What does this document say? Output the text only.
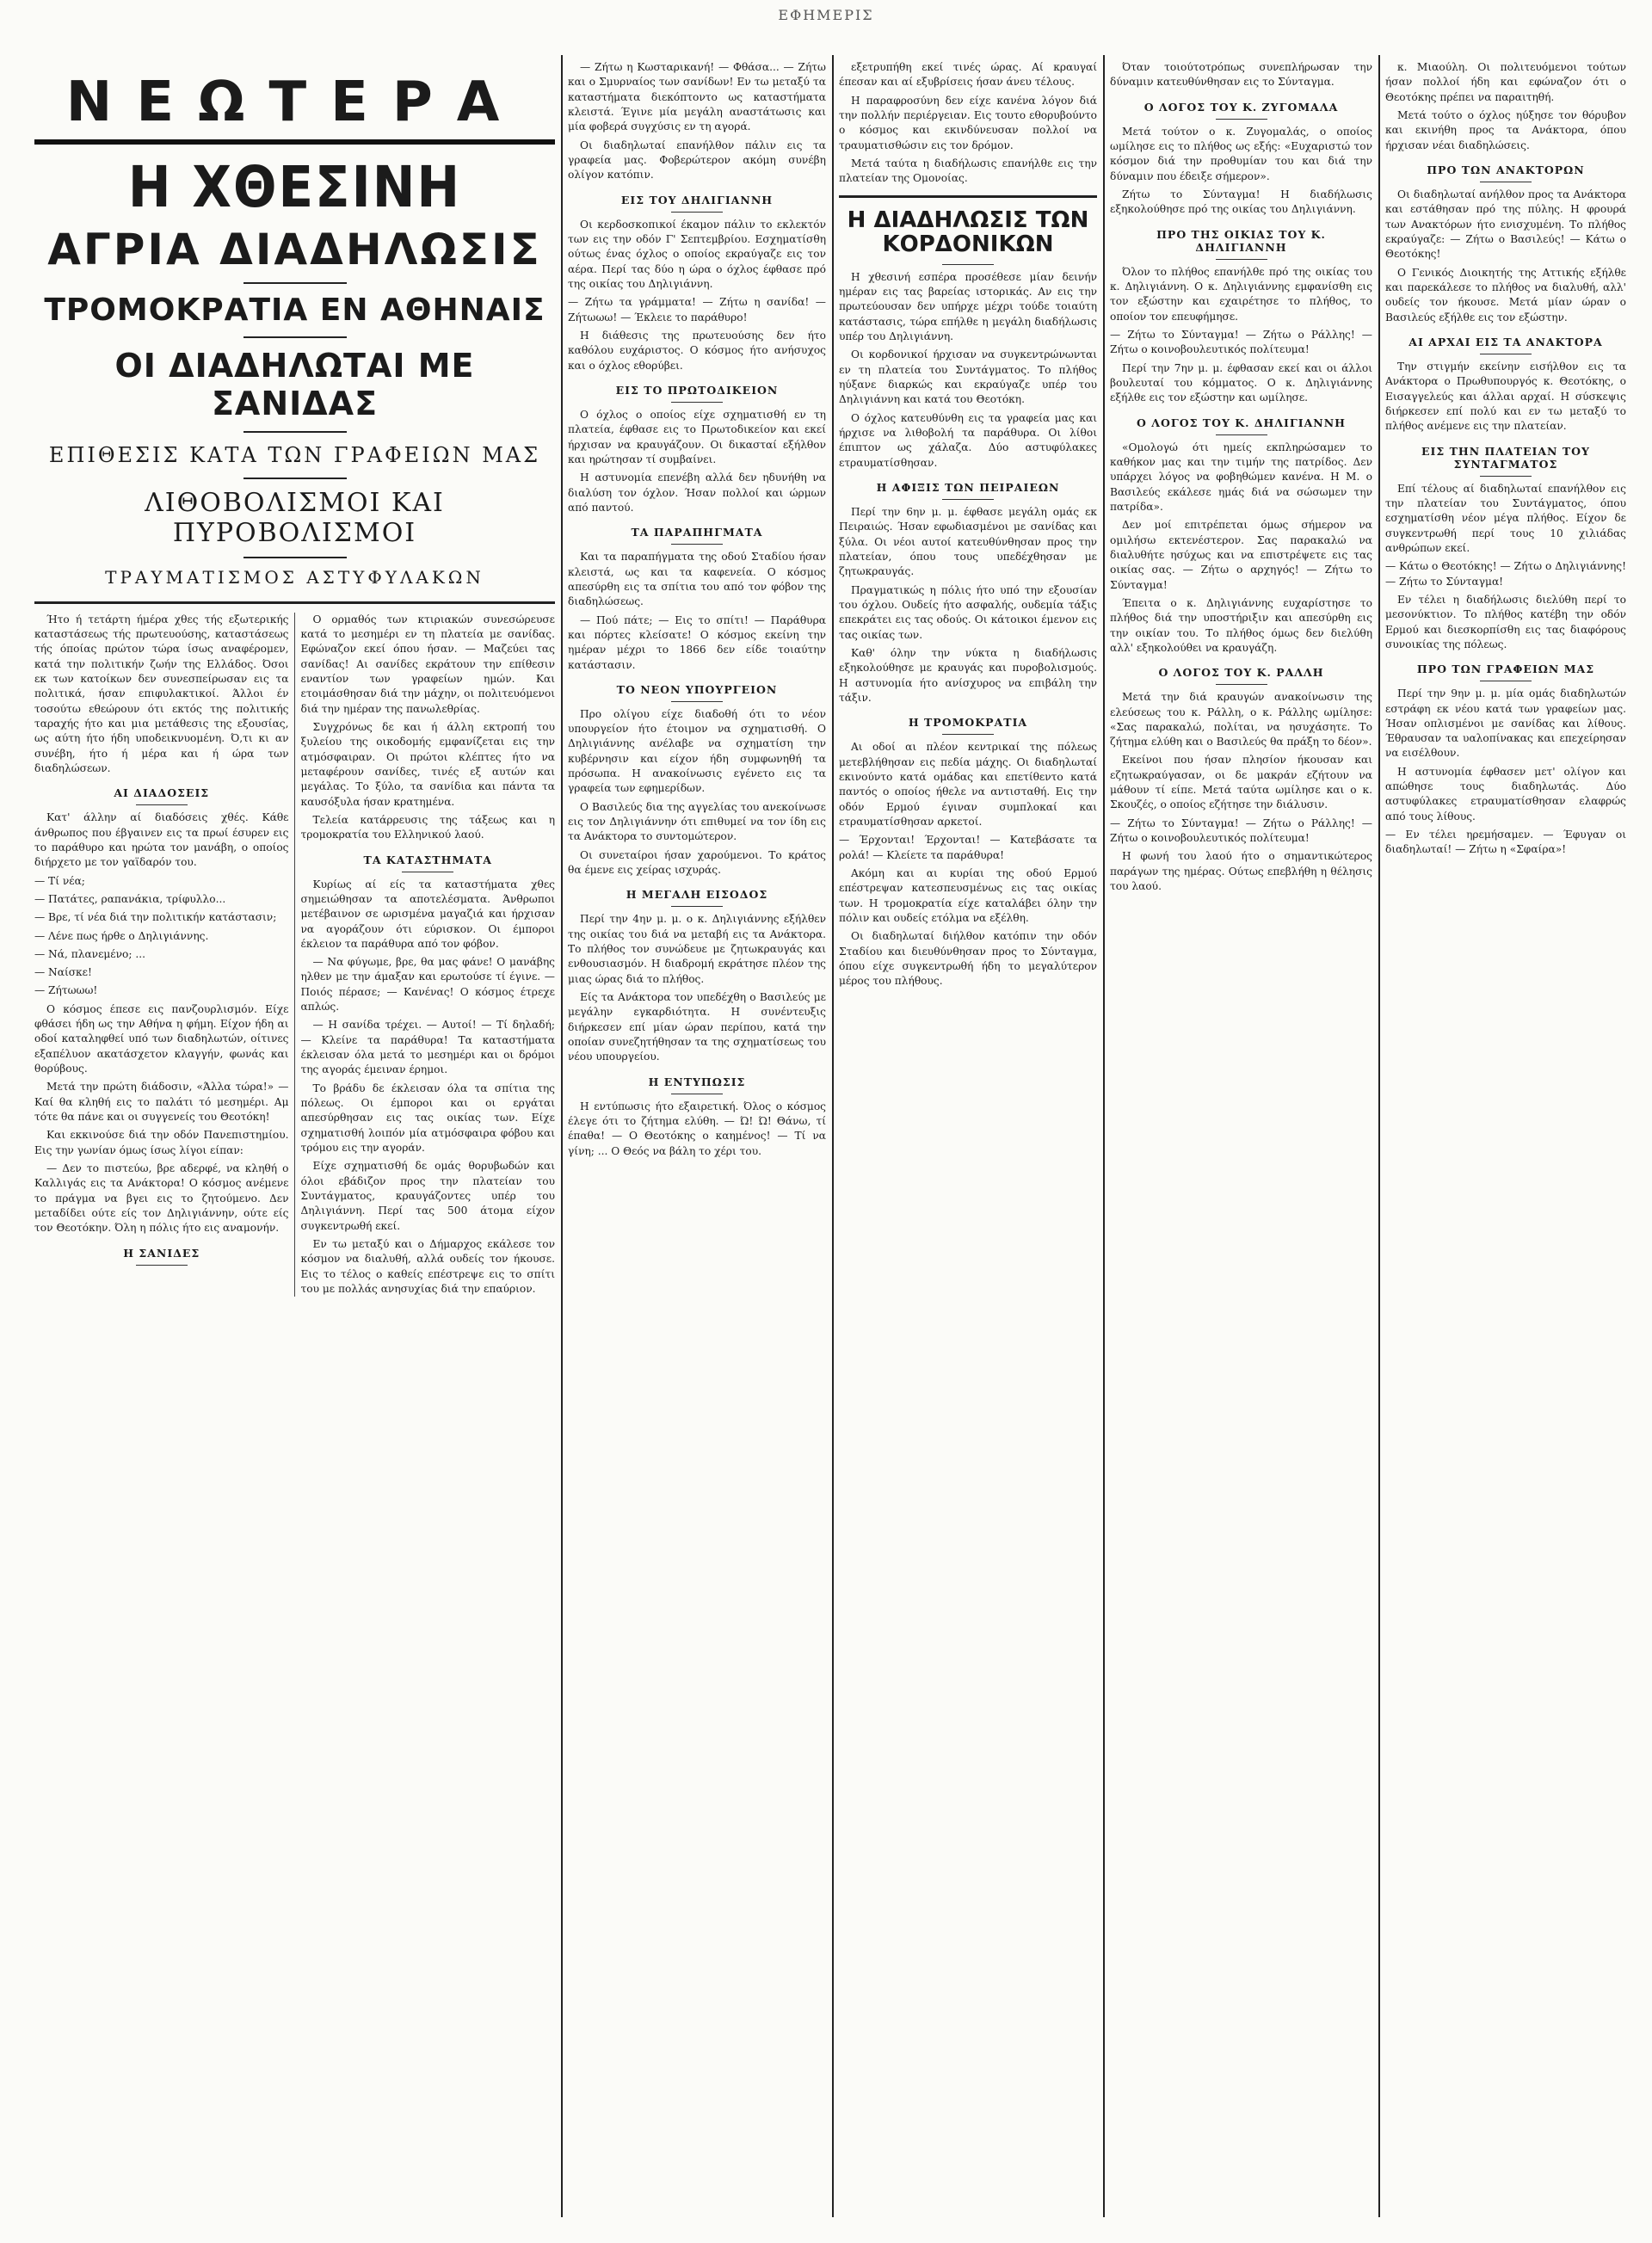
ΕΦΗΜΕΡΙΣ
ΝΕΩΤΕΡΑ
Η ΧΘΕΣΙΝΗ
ΑΓΡΙΑ ΔΙΑΔΗΛΩΣΙΣ
ΤΡΟΜΟΚΡΑΤΙΑ ΕΝ ΑΘΗΝΑΙΣ
ΟΙ ΔΙΑΔΗΛΩΤΑΙ ΜΕ ΣΑΝΙΔΑΣ
ΕΠΙΘΕΣΙΣ ΚΑΤΑ ΤΩΝ ΓΡΑΦΕΙΩΝ ΜΑΣ
ΛΙΘΟΒΟΛΙΣΜΟΙ ΚΑΙ ΠΥΡΟΒΟΛΙΣΜΟΙ
ΤΡΑΥΜΑΤΙΣΜΟΣ ΑΣΤΥΦΥΛΑΚΩΝ

Ήτο ή τετάρτη ήμέρα χθες τής εξωτερικής καταστάσεως τής πρωτευούσης, καταστάσεως τής όποίας πρώτον τώρα ίσως αναφέρομεν, κατά την πολιτικήν ζωήν της Ελλάδος. Όσοι εκ των κατοίκων δεν συνεσπείρωσαν εις τα πολιτικά, ήσαν επιφυλακτικοί. Άλλοι έν τοσούτω εθεώρουν ότι εκτός της πολιτικής ταραχής ήτο και μια μετάθεσις της εξουσίας, ως αύτη ήτο ήδη υποδεικνυομένη. Ό,τι κι αν συνέβη, ήτο ή μέρα και ή ώρα των διαδηλώσεων.

ΑΙ ΔΙΑΔΟΣΕΙΣ

Κατ' άλλην αί διαδόσεις χθές. Κάθε άνθρωπος που έβγαινεν εις τα πρωί έσυρεν εις το παράθυρο και ηρώτα τον μανάβη, ο οποίος διήρχετο με τον γαϊδαρόν του.

— Τί νέα;

— Πατάτες, ραπανάκια, τρίφυλλο...

— Βρε, τί νέα διά την πολιτικήν κατάστασιν;

— Λένε πως ήρθε ο Δηλιγιάννης.

— Νά, πλανεμένο; ...

— Ναίσκε!

— Ζήτωωω!

Ο κόσμος έπεσε εις πανζουρλισμόν. Είχε φθάσει ήδη ως την Αθήνα η φήμη. Είχον ήδη αι οδοί καταληφθεί υπό των διαδηλωτών, οίτινες εξαπέλυον ακατάσχετον κλαγγήν, φωνάς και θορύβους.

Μετά την πρώτη διάδοσιν, «Άλλα τώρα!» — Καί θα κληθή εις το παλάτι τό μεσημέρι. Αμ τότε θα πάνε και οι συγγενείς του Θεοτόκη!

Και εκκινούσε διά την οδόν Πανεπιστημίου. Εις την γωνίαν όμως ίσως λίγοι είπαν:

— Δεν το πιστεύω, βρε αδερφέ, να κληθή ο Καλλιγάς εις τα Ανάκτορα! Ο κόσμος ανέμενε το πράγμα να βγει εις το ζητούμενο. Δεν μεταδίδει ούτε είς τον Δηλιγιάννην, ούτε είς τον Θεοτόκην. Όλη η πόλις ήτο εις αναμονήν.

Η ΣΑΝΙΔΕΣ

Ο ορμαθός των κτιριακών συνεσώρευσε κατά το μεσημέρι εν τη πλατεία με σανίδας. Εφώναζον εκεί όπου ήσαν. — Μαζεύει τας σανίδας! Αι σανίδες εκράτουν την επίθεσιν εναντίον των γραφείων ημών. Και ετοιμάσθησαν διά την μάχην, οι πολιτευόμενοι διά την ημέραν της πανωλεθρίας.

Συγχρόνως δε και ή άλλη εκτροπή του ξυλείου της οικοδομής εμφανίζεται εις την ατμόσφαιραν. Οι πρώτοι κλέπτες ήτο να μεταφέρουν σανίδες, τινές εξ αυτών και μεγάλας. Το ξύλο, τα σανίδια και πάντα τα καυσόξυλα ήσαν κρατημένα.

Τελεία κατάρρευσις της τάξεως και η τρομοκρατία του Ελληνικού λαού.

ΤΑ ΚΑΤΑΣΤΗΜΑΤΑ

Κυρίως αί είς τα καταστήματα χθες σημειώθησαν τα αποτελέσματα. Άνθρωποι μετέβαινον σε ωρισμένα μαγαζιά και ήρχισαν να αγοράζουν ότι εύρισκον. Οι έμποροι έκλειον τα παράθυρα από τον φόβον.

— Να φύγωμε, βρε, θα μας φάνε! Ο μανάβης ηλθεν με την άμαξαν και ερωτούσε τί έγινε. — Ποιός πέρασε; — Κανένας! Ο κόσμος έτρεχε απλώς.

— Η σανίδα τρέχει. — Αυτοί! — Τί δηλαδή; — Κλείνε τα παράθυρα! Τα καταστήματα έκλεισαν όλα μετά το μεσημέρι και οι δρόμοι της αγοράς έμειναν έρημοι.

Το βράδυ δε έκλεισαν όλα τα σπίτια της πόλεως. Οι έμποροι και οι εργάται απεσύρθησαν εις τας οικίας των. Είχε σχηματισθή λοιπόν μία ατμόσφαιρα φόβου και τρόμου εις την αγοράν.

Είχε σχηματισθή δε ομάς θορυβωδών και όλοι εβάδιζον προς την πλατείαν του Συντάγματος, κραυγάζοντες υπέρ του Δηλιγιάννη. Περί τας 500 άτομα είχον συγκεντρωθή εκεί.

Εν τω μεταξύ και ο Δήμαρχος εκάλεσε τον κόσμον να διαλυθή, αλλά ουδείς τον ήκουσε. Εις το τέλος ο καθείς επέστρεψε εις το σπίτι του με πολλάς ανησυχίας διά την επαύριον.

— Ζήτω η Κωσταρικανή! — Φθάσα... — Ζήτω και ο Σμυρναίος των σανίδων! Εν τω μεταξύ τα καταστήματα διεκόπτοντο ως καταστήματα κλειστά. Έγινε μία μεγάλη αναστάτωσις και μία φοβερά συγχύσις εν τη αγορά.

Οι διαδηλωταί επανήλθον πάλιν εις τα γραφεία μας. Φοβερώτερον ακόμη συνέβη ολίγον κατόπιν.

ΕΙΣ ΤΟΥ ΔΗΛΙΓΙΑΝΝΗ

Οι κερδοσκοπικοί έκαμον πάλιν το εκλεκτόν των εις την οδόν Γ' Σεπτεμβρίου. Εσχηματίσθη ούτως ένας όχλος ο οποίος εκραύγαζε εις τον αέρα. Περί τας δύο η ώρα ο όχλος έφθασε πρό της οικίας του Δηλιγιάννη.

— Ζήτω τα γράμματα! — Ζήτω η σανίδα! — Ζήτωωω! — Έκλειε το παράθυρο!

Η διάθεσις της πρωτευούσης δεν ήτο καθόλου ευχάριστος. Ο κόσμος ήτο ανήσυχος και ο όχλος εθορύβει.

ΕΙΣ ΤΟ ΠΡΩΤΟΔΙΚΕΙΟΝ

Ο όχλος ο οποίος είχε σχηματισθή εν τη πλατεία, έφθασε εις το Πρωτοδικείον και εκεί ήρχισαν να κραυγάζουν. Οι δικασταί εξήλθον και ηρώτησαν τί συμβαίνει.

Η αστυνομία επενέβη αλλά δεν ηδυνήθη να διαλύση τον όχλον. Ήσαν πολλοί και ώρμων από παντού.

ΤΑ ΠΑΡΑΠΗΓΜΑΤΑ

Και τα παραπήγματα της οδού Σταδίου ήσαν κλειστά, ως και τα καφενεία. Ο κόσμος απεσύρθη εις τα σπίτια του από τον φόβον της διαδηλώσεως.

— Πού πάτε; — Εις το σπίτι! — Παράθυρα και πόρτες κλείσατε! Ο κόσμος εκείνη την ημέραν μέχρι το 1866 δεν είδε τοιαύτην κατάστασιν.

ΤΟ ΝΕΟΝ ΥΠΟΥΡΓΕΙΟΝ

Προ ολίγου είχε διαδοθή ότι το νέον υπουργείον ήτο έτοιμον να σχηματισθή. Ο Δηλιγιάννης ανέλαβε να σχηματίση την κυβέρνησιν και είχον ήδη συμφωνηθή τα πρόσωπα. Η ανακοίνωσις εγένετο εις τα γραφεία των εφημερίδων.

Ο Βασιλεύς δια της αγγελίας του ανεκοίνωσε εις τον Δηλιγιάννην ότι επιθυμεί να τον ίδη εις τα Ανάκτορα το συντομώτερον.

Οι συνεταίροι ήσαν χαρούμενοι. Το κράτος θα έμενε εις χείρας ισχυράς.

Η ΜΕΓΑΛΗ ΕΙΣΟΔΟΣ

Περί την 4ην μ. μ. ο κ. Δηλιγιάννης εξήλθεν της οικίας του διά να μεταβή εις τα Ανάκτορα. Το πλήθος τον συνώδευε με ζητωκραυγάς και ενθουσιασμόν. Η διαδρομή εκράτησε πλέον της μιας ώρας διά το πλήθος.

Είς τα Ανάκτορα τον υπεδέχθη ο Βασιλεύς με μεγάλην εγκαρδιότητα. Η συνέντευξις διήρκεσεν επί μίαν ώραν περίπου, κατά την οποίαν συνεζητήθησαν τα της σχηματίσεως του νέου υπουργείου.

Η ΕΝΤΥΠΩΣΙΣ

Η εντύπωσις ήτο εξαιρετική. Όλος ο κόσμος έλεγε ότι το ζήτημα ελύθη. — Ώ! Ώ! Θάνω, τί έπαθα! — Ο Θεοτόκης ο καημένος! — Τί να γίνη; ... Ο Θεός να βάλη το χέρι του.

εξετρυπήθη εκεί τινές ώρας. Αί κραυγαί έπεσαν και αί εξυβρίσεις ήσαν άνευ τέλους.

Η παραφροσύνη δεν είχε κανένα λόγον διά την πολλήν περιέργειαν. Εις τουτο εθορυβούντο ο κόσμος και εκινδύνευσαν πολλοί να τραυματισθώσιν εις τον δρόμον.

Μετά ταύτα η διαδήλωσις επανήλθε εις την πλατείαν της Ομονοίας.

Η ΔΙΑΔΗΛΩΣΙΣ ΤΩΝ ΚΟΡΔΟΝΙΚΩΝ

Η χθεσινή εσπέρα προσέθεσε μίαν δεινήν ημέραν εις τας βαρείας ιστορικάς. Αν εις την πρωτεύουσαν δεν υπήρχε μέχρι τούδε τοιαύτη κατάστασις, τώρα επήλθε η μεγάλη διαδήλωσις υπέρ του Δηλιγιάννη.

Οι κορδονικοί ήρχισαν να συγκεντρώνωνται εν τη πλατεία του Συντάγματος. Το πλήθος ηύξανε διαρκώς και εκραύγαζε υπέρ του Δηλιγιάννη και κατά του Θεοτόκη.

Ο όχλος κατευθύνθη εις τα γραφεία μας και ήρχισε να λιθοβολή τα παράθυρα. Οι λίθοι έπιπτον ως χάλαζα. Δύο αστυφύλακες ετραυματίσθησαν.

Η ΑΦΙΞΙΣ ΤΩΝ ΠΕΙΡΑΙΕΩΝ

Περί την 6ην μ. μ. έφθασε μεγάλη ομάς εκ Πειραιώς. Ήσαν εφωδιασμένοι με σανίδας και ξύλα. Οι νέοι αυτοί κατευθύνθησαν προς την πλατείαν, όπου τους υπεδέχθησαν με ζητωκραυγάς.

Πραγματικώς η πόλις ήτο υπό την εξουσίαν του όχλου. Ουδείς ήτο ασφαλής, ουδεμία τάξις επεκράτει εις τας οδούς. Οι κάτοικοι έμενον εις τας οικίας των.

Καθ' όλην την νύκτα η διαδήλωσις εξηκολούθησε με κραυγάς και πυροβολισμούς. Η αστυνομία ήτο ανίσχυρος να επιβάλη την τάξιν.

Η ΤΡΟΜΟΚΡΑΤΙΑ

Αι οδοί αι πλέον κεντρικαί της πόλεως μετεβλήθησαν εις πεδία μάχης. Οι διαδηλωταί εκινούντο κατά ομάδας και επετίθεντο κατά παντός ο οποίος ήθελε να αντισταθή. Εις την οδόν Ερμού έγιναν συμπλοκαί και ετραυματίσθησαν αρκετοί.

— Έρχονται! Έρχονται! — Κατεβάσατε τα ρολά! — Κλείετε τα παράθυρα!

Ακόμη και αι κυρίαι της οδού Ερμού επέστρεψαν κατεσπευσμένως εις τας οικίας των. Η τρομοκρατία είχε καταλάβει όλην την πόλιν και ουδείς ετόλμα να εξέλθη.

Οι διαδηλωταί διήλθον κατόπιν την οδόν Σταδίου και διευθύνθησαν προς το Σύνταγμα, όπου είχε συγκεντρωθή ήδη το μεγαλύτερον μέρος του πλήθους.

Όταν τοιούτοτρόπως συνεπλήρωσαν την δύναμιν κατευθύνθησαν εις το Σύνταγμα.

Ο ΛΟΓΟΣ ΤΟΥ Κ. ΖΥΓΟΜΑΛΑ

Μετά τούτον ο κ. Ζυγομαλάς, ο οποίος ωμίλησε εις το πλήθος ως εξής: «Ευχαριστώ τον κόσμον διά την προθυμίαν του και διά την δύναμιν που έδειξε σήμερον».

Ζήτω το Σύνταγμα! Η διαδήλωσις εξηκολούθησε πρό της οικίας του Δηλιγιάννη.

ΠΡΟ ΤΗΣ ΟΙΚΙΑΣ ΤΟΥ Κ. ΔΗΛΙΓΙΑΝΝΗ

Όλον το πλήθος επανήλθε πρό της οικίας του κ. Δηλιγιάννη. Ο κ. Δηλιγιάννης εμφανίσθη εις τον εξώστην και εχαιρέτησε το πλήθος, το οποίον τον επευφήμησε.

— Ζήτω το Σύνταγμα! — Ζήτω ο Ράλλης! — Ζήτω ο κοινοβουλευτικός πολίτευμα!

Περί την 7ην μ. μ. έφθασαν εκεί και οι άλλοι βουλευταί του κόμματος. Ο κ. Δηλιγιάννης εξήλθε εις τον εξώστην και ωμίλησε.

Ο ΛΟΓΟΣ ΤΟΥ Κ. ΔΗΛΙΓΙΑΝΝΗ

«Ομολογώ ότι ημείς εκπληρώσαμεν το καθήκον μας και την τιμήν της πατρίδος. Δεν υπάρχει λόγος να φοβηθώμεν κανένα. Η Μ. ο Βασιλεύς εκάλεσε ημάς διά να σώσωμεν την πατρίδα».

Δεν μοί επιτρέπεται όμως σήμερον να ομιλήσω εκτενέστερον. Σας παρακαλώ να διαλυθήτε ησύχως και να επιστρέψετε εις τας οικίας σας. — Ζήτω ο αρχηγός! — Ζήτω το Σύνταγμα!

Έπειτα ο κ. Δηλιγιάννης ευχαρίστησε το πλήθος διά την υποστήριξιν και απεσύρθη εις την οικίαν του. Το πλήθος όμως δεν διελύθη αλλ' εξηκολούθει να κραυγάζη.

Ο ΛΟΓΟΣ ΤΟΥ Κ. ΡΑΛΛΗ

Μετά την διά κραυγών ανακοίνωσιν της ελεύσεως του κ. Ράλλη, ο κ. Ράλλης ωμίλησε: «Σας παρακαλώ, πολίται, να ησυχάσητε. Το ζήτημα ελύθη και ο Βασιλεύς θα πράξη το δέον».

Εκείνοι που ήσαν πλησίον ήκουσαν και εζητωκραύγασαν, οι δε μακράν εζήτουν να μάθουν τί είπε. Μετά ταύτα ωμίλησε και ο κ. Σκουζές, ο οποίος εζήτησε την διάλυσιν.

— Ζήτω το Σύνταγμα! — Ζήτω ο Ράλλης! — Ζήτω ο κοινοβουλευτικός πολίτευμα!

Η φωνή του λαού ήτο ο σημαντικώτερος παράγων της ημέρας. Ούτως επεβλήθη η θέλησις του λαού.

κ. Μιαούλη. Οι πολιτευόμενοι τούτων ήσαν πολλοί ήδη και εφώναζον ότι ο Θεοτόκης πρέπει να παραιτηθή.

Μετά τούτο ο όχλος ηύξησε τον θόρυβον και εκινήθη προς τα Ανάκτορα, όπου ήρχισαν νέαι διαδηλώσεις.

ΠΡΟ ΤΩΝ ΑΝΑΚΤΟΡΩΝ

Οι διαδηλωταί ανήλθον προς τα Ανάκτορα και εστάθησαν πρό της πύλης. Η φρουρά των Ανακτόρων ήτο ενισχυμένη. Το πλήθος εκραύγαζε: — Ζήτω ο Βασιλεύς! — Κάτω ο Θεοτόκης!

Ο Γενικός Διοικητής της Αττικής εξήλθε και παρεκάλεσε το πλήθος να διαλυθή, αλλ' ουδείς τον ήκουσε. Μετά μίαν ώραν ο Βασιλεύς εξήλθε εις τον εξώστην.

ΑΙ ΑΡΧΑΙ ΕΙΣ ΤΑ ΑΝΑΚΤΟΡΑ

Την στιγμήν εκείνην εισήλθον εις τα Ανάκτορα ο Πρωθυπουργός κ. Θεοτόκης, ο Εισαγγελεύς και άλλαι αρχαί. Η σύσκεψις διήρκεσεν επί πολύ και εν τω μεταξύ το πλήθος ανέμενε εις την πλατείαν.

ΕΙΣ ΤΗΝ ΠΛΑΤΕΙΑΝ ΤΟΥ ΣΥΝΤΑΓΜΑΤΟΣ

Επί τέλους αί διαδηλωταί επανήλθον εις την πλατείαν του Συντάγματος, όπου εσχηματίσθη νέον μέγα πλήθος. Είχον δε συγκεντρωθή περί τους 10 χιλιάδας ανθρώπων εκεί.

— Κάτω ο Θεοτόκης! — Ζήτω ο Δηλιγιάννης! — Ζήτω το Σύνταγμα!

Εν τέλει η διαδήλωσις διελύθη περί το μεσονύκτιον. Το πλήθος κατέβη την οδόν Ερμού και διεσκορπίσθη εις τας διαφόρους συνοικίας της πόλεως.

ΠΡΟ ΤΩΝ ΓΡΑΦΕΙΩΝ ΜΑΣ

Περί την 9ην μ. μ. μία ομάς διαδηλωτών εστράφη εκ νέου κατά των γραφείων μας. Ήσαν οπλισμένοι με σανίδας και λίθους. Έθραυσαν τα υαλοπίνακας και επεχείρησαν να εισέλθουν.

Η αστυνομία έφθασεν μετ' ολίγον και απώθησε τους διαδηλωτάς. Δύο αστυφύλακες ετραυματίσθησαν ελαφρώς από τους λίθους.

— Εν τέλει ηρεμήσαμεν. — Έφυγαν οι διαδηλωταί! — Ζήτω η «Σφαίρα»!
